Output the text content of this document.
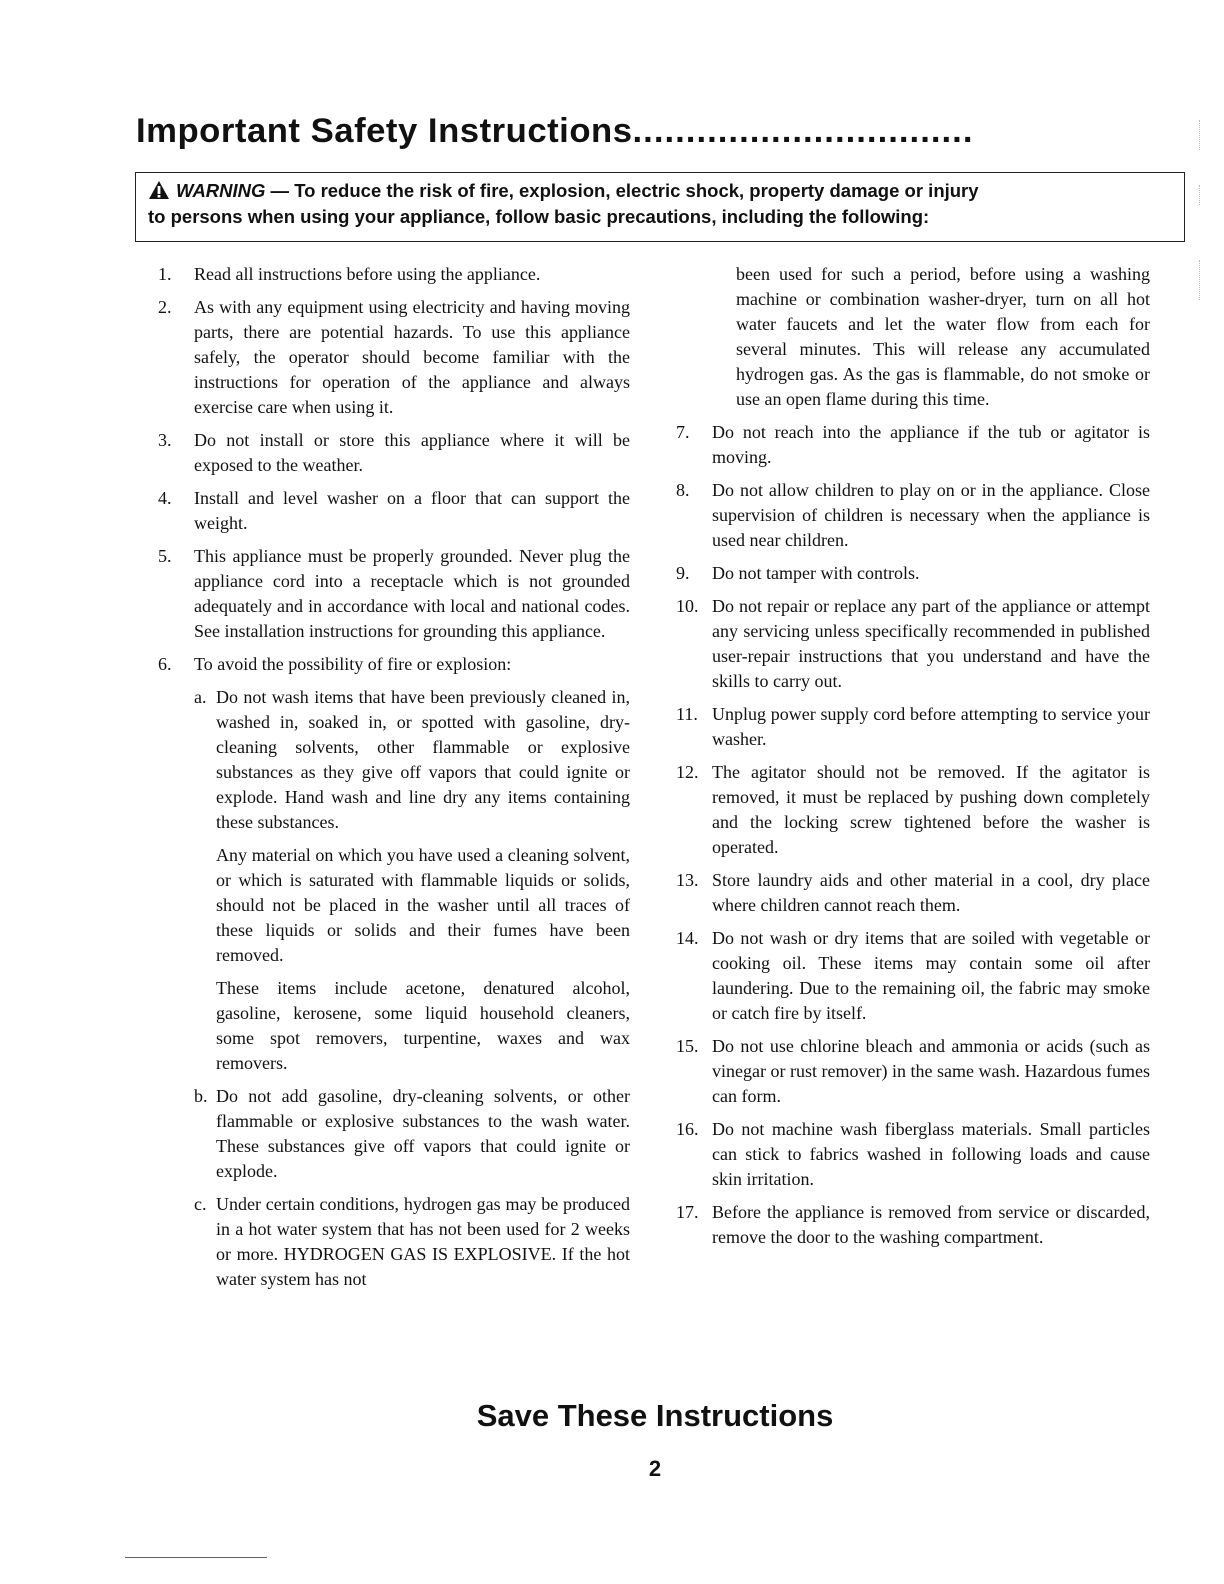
Important Safety Instructions................................
WARNING — To reduce the risk of fire, explosion, electric shock, property damage or injury
to persons when using your appliance, follow basic precautions, including the following:
1. Read all instructions before using the appliance.
2. As with any equipment using electricity and having moving parts, there are potential hazards. To use this appliance safely, the operator should become familiar with the instructions for operation of the appliance and always exercise care when using it.
3. Do not install or store this appliance where it will be exposed to the weather.
4. Install and level washer on a floor that can support the weight.
5. This appliance must be properly grounded. Never plug the appliance cord into a receptacle which is not grounded adequately and in accordance with local and national codes. See installation instructions for grounding this appliance.
6. To avoid the possibility of fire or explosion:
a. Do not wash items that have been previously cleaned in, washed in, soaked in, or spotted with gasoline, dry-cleaning solvents, other flammable or explosive substances as they give off vapors that could ignite or explode. Hand wash and line dry any items containing these substances.
Any material on which you have used a cleaning solvent, or which is saturated with flammable liquids or solids, should not be placed in the washer until all traces of these liquids or solids and their fumes have been removed.
These items include acetone, denatured alcohol, gasoline, kerosene, some liquid household cleaners, some spot removers, turpentine, waxes and wax removers.
b. Do not add gasoline, dry-cleaning solvents, or other flammable or explosive substances to the wash water. These substances give off vapors that could ignite or explode.
c. Under certain conditions, hydrogen gas may be produced in a hot water system that has not been used for 2 weeks or more. HYDROGEN GAS IS EXPLOSIVE. If the hot water system has not
been used for such a period, before using a washing machine or combination washer-dryer, turn on all hot water faucets and let the water flow from each for several minutes. This will release any accumulated hydrogen gas. As the gas is flammable, do not smoke or use an open flame during this time.
7. Do not reach into the appliance if the tub or agitator is moving.
8. Do not allow children to play on or in the appliance. Close supervision of children is necessary when the appliance is used near children.
9. Do not tamper with controls.
10. Do not repair or replace any part of the appliance or attempt any servicing unless specifically recommended in published user-repair instructions that you understand and have the skills to carry out.
11. Unplug power supply cord before attempting to service your washer.
12. The agitator should not be removed. If the agitator is removed, it must be replaced by pushing down completely and the locking screw tightened before the washer is operated.
13. Store laundry aids and other material in a cool, dry place where children cannot reach them.
14. Do not wash or dry items that are soiled with vegetable or cooking oil. These items may contain some oil after laundering. Due to the remaining oil, the fabric may smoke or catch fire by itself.
15. Do not use chlorine bleach and ammonia or acids (such as vinegar or rust remover) in the same wash. Hazardous fumes can form.
16. Do not machine wash fiberglass materials. Small particles can stick to fabrics washed in following loads and cause skin irritation.
17. Before the appliance is removed from service or discarded, remove the door to the washing compartment.
Save These Instructions
2
